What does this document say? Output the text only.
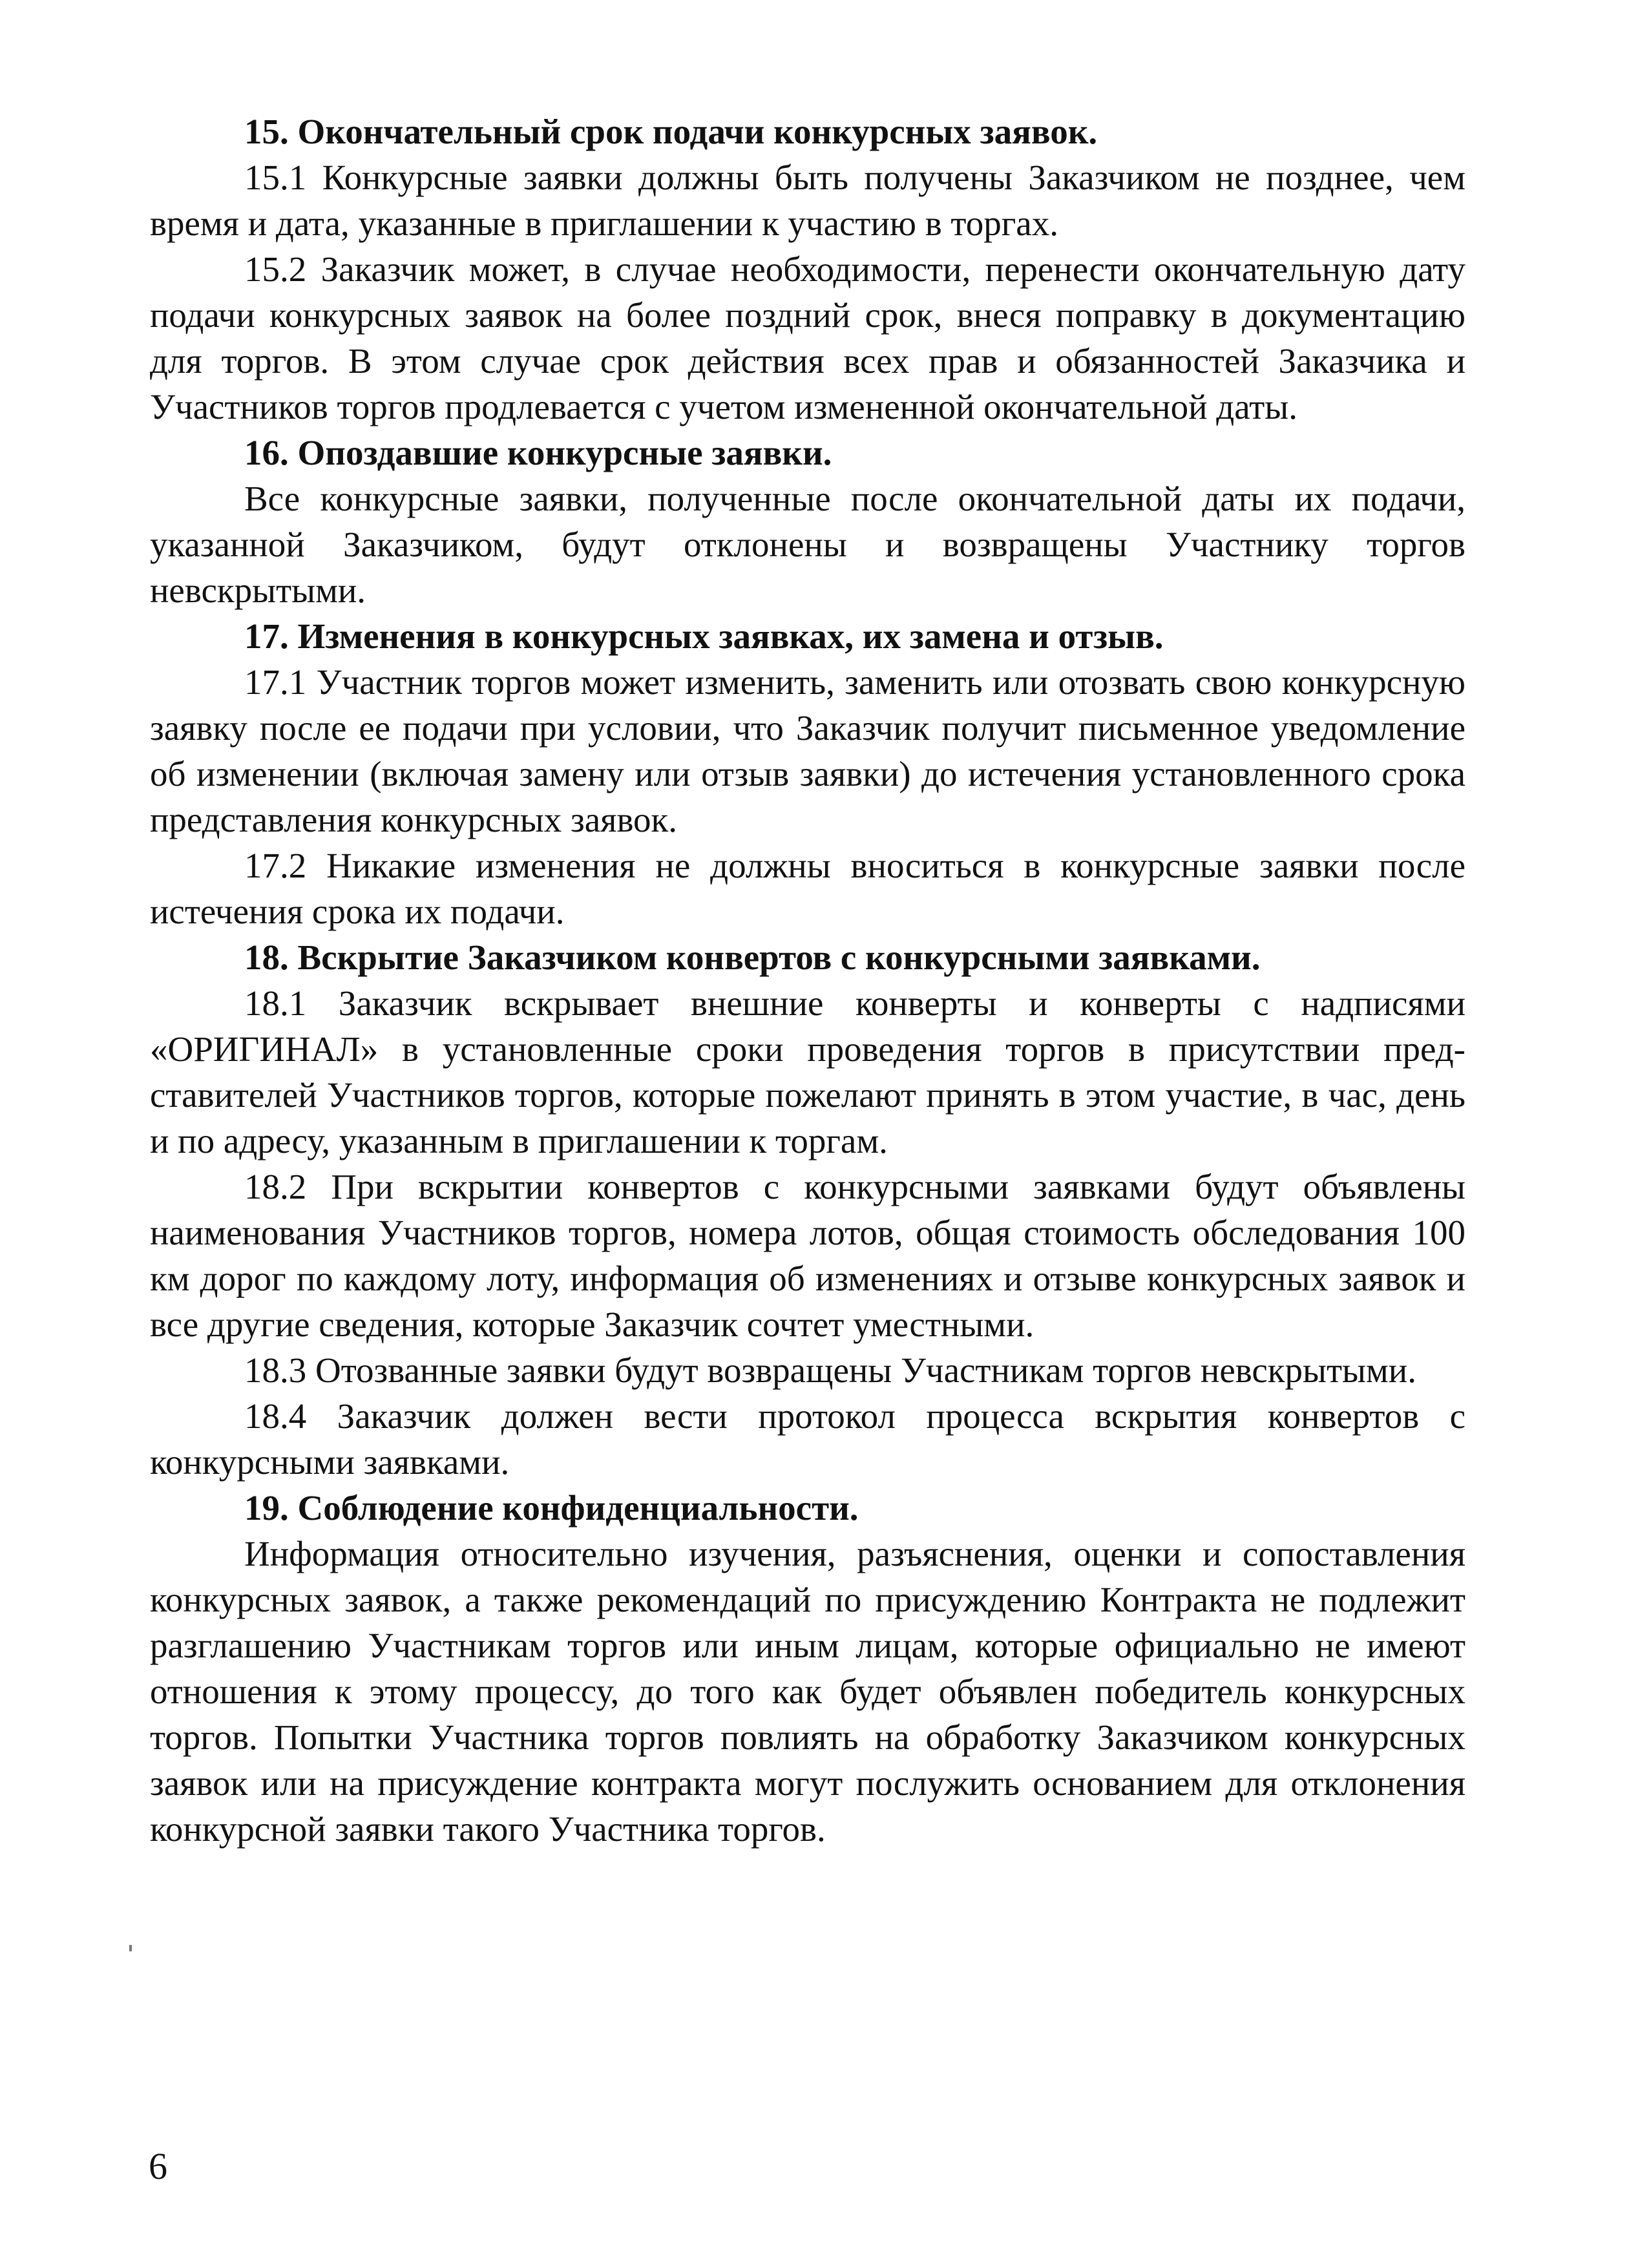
15. Окончательный срок подачи конкурсных заявок.

15.1 Конкурсные заявки должны быть получены Заказчиком не позднее, чем время и дата, указанные в приглашении к участию в торгах.

15.2 Заказчик может, в случае необходимости, перенести окончательную дату подачи конкурсных заявок на более поздний срок, внеся поправку в документацию для торгов. В этом случае срок действия всех прав и обязанностей Заказчика и Участников торгов продлевается с учетом измененной окончательной даты.

16. Опоздавшие конкурсные заявки.

Все конкурсные заявки, полученные после окончательной даты их подачи, указанной Заказчиком, будут отклонены и возвращены Участнику торгов невскрытыми.

17. Изменения в конкурсных заявках, их замена и отзыв.

17.1 Участник торгов может изменить, заменить или отозвать свою конкурсную заявку после ее подачи при условии, что Заказчик получит письменное уведомление об изменении (включая замену или отзыв заявки) до истечения установленного срока представления конкурсных заявок.

17.2 Никакие изменения не должны вноситься в конкурсные заявки после истечения срока их подачи.

18. Вскрытие Заказчиком конвертов с конкурсными заявками.

18.1 Заказчик вскрывает внешние конверты и конверты с надписями «ОРИГИНАЛ» в установленные сроки проведения торгов в присутствии представителей Участников торгов, которые пожелают принять в этом участие, в час, день и по адресу, указанным в приглашении к торгам.

18.2 При вскрытии конвертов с конкурсными заявками будут объявлены наименования Участников торгов, номера лотов, общая стоимость обследования 100 км дорог по каждому лоту, информация об изменениях и отзыве конкурсных заявок и все другие сведения, которые Заказчик сочтет уместными.

18.3 Отозванные заявки будут возвращены Участникам торгов невскрытыми.

18.4 Заказчик должен вести протокол процесса вскрытия конвертов с конкурсными заявками.

19. Соблюдение конфиденциальности.

Информация относительно изучения, разъяснения, оценки и сопоставления конкурсных заявок, а также рекомендаций по присуждению Контракта не подлежит разглашению Участникам торгов или иным лицам, которые официально не имеют отношения к этому процессу, до того как будет объявлен победитель конкурсных торгов. Попытки Участника торгов повлиять на обработку Заказчиком конкурсных заявок или на присуждение контракта могут послужить основанием для отклонения конкурсной заявки такого Участника торгов.

6
